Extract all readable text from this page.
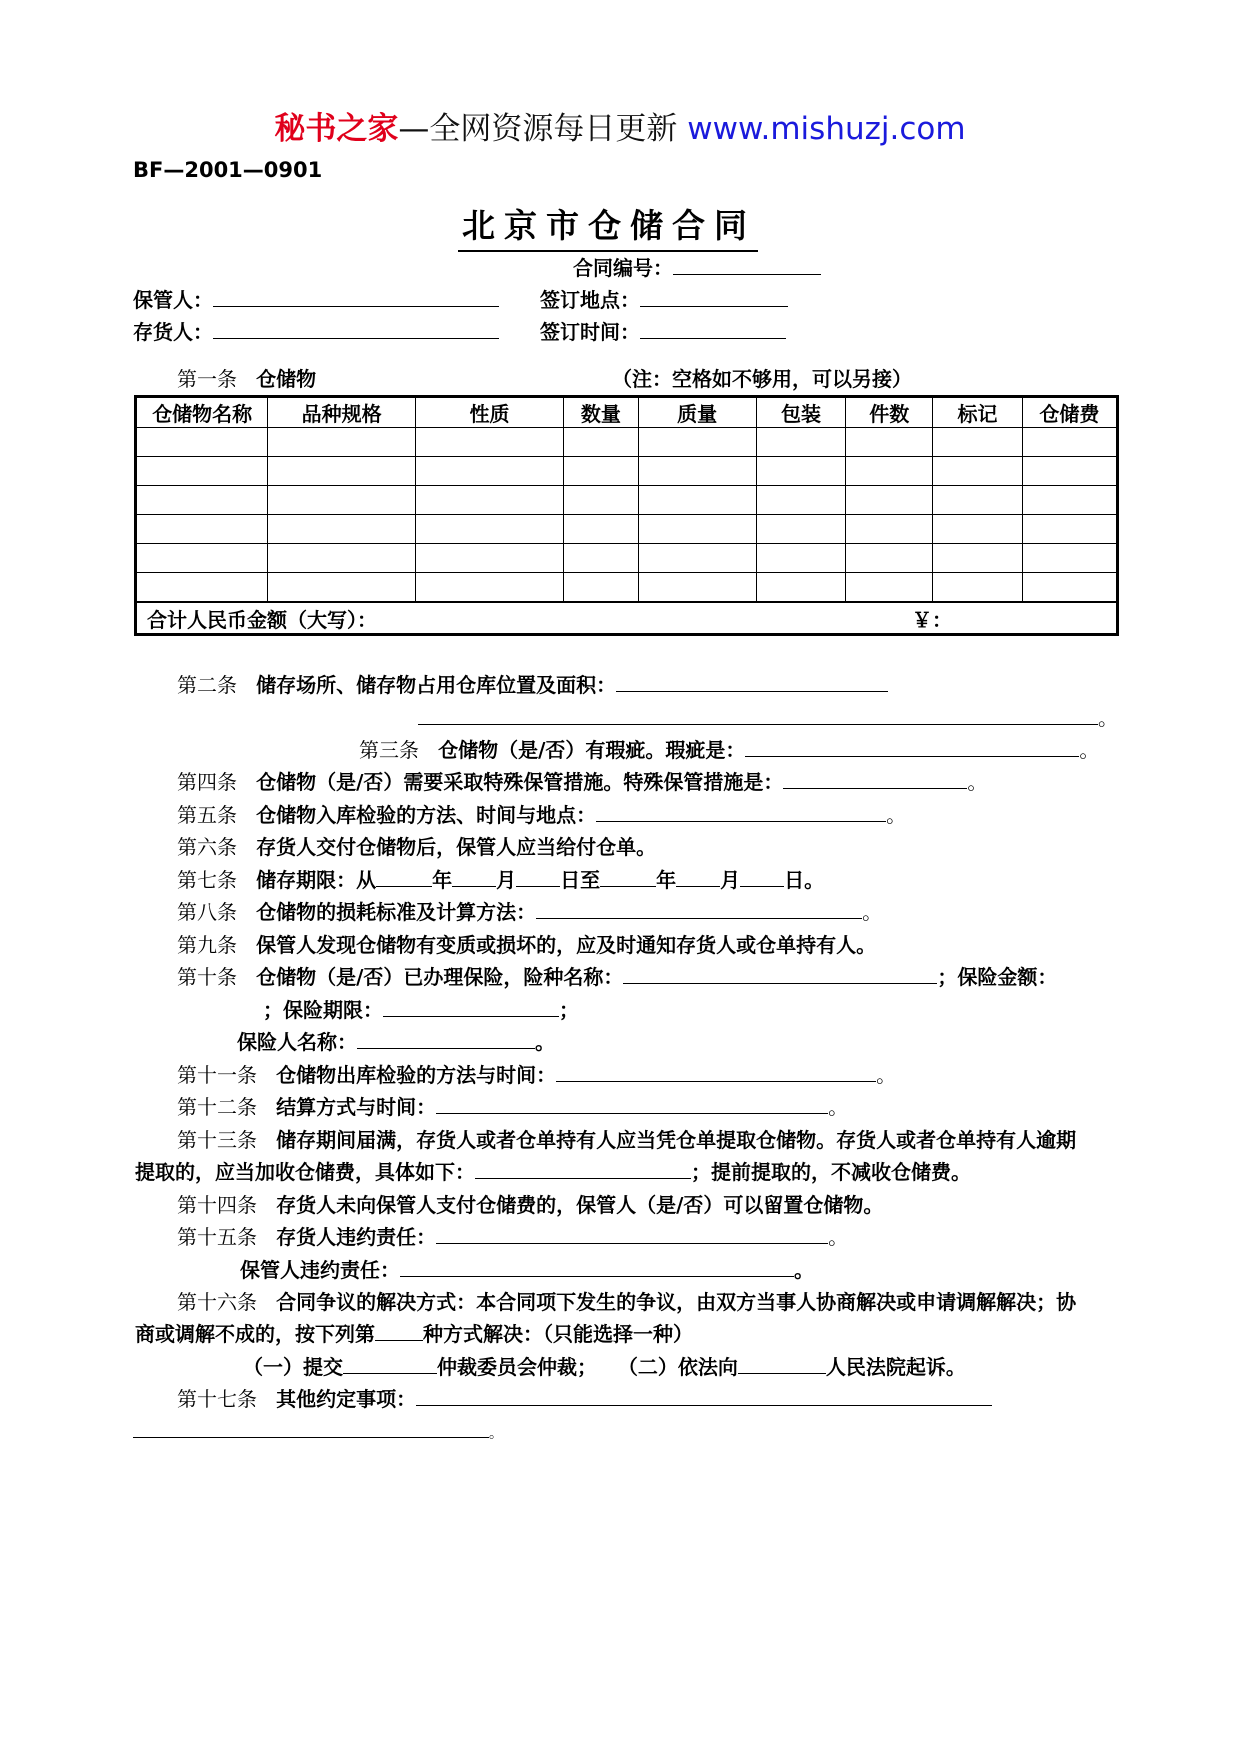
秘书之家—全网资源每日更新 www.mishuzj.com
BF—2001—0901
北京市仓储合同
合同编号：
保管人：	签订地点：
存货人：	签订时间：
第一条 仓储物	（注：空格如不够用，可以另接）
仓储物名称	品种规格	性质	数量	质量	包装	件数	标记	仓储费

合计人民币金额（大写）： ￥：								
第二条 储存场所、储存物占用仓库位置及面积：
。
第三条 仓储物（是/否）有瑕疵。瑕疵是：	。
第四条 仓储物（是/否）需要采取特殊保管措施。特殊保管措施是：	。
第五条 仓储物入库检验的方法、时间与地点：	。
第六条 存货人交付仓储物后，保管人应当给付仓单。
第七条 储存期限：从	年 月 日至	年 月 日。
第八条 仓储物的损耗标准及计算方法：	。
第九条 保管人发现仓储物有变质或损坏的，应及时通知存货人或仓单持有人。
第十条 仓储物（是/否）已办理保险，险种名称：	；保险金额：
；保险期限：	；
保险人名称：	。
第十一条 仓储物出库检验的方法与时间：	。
第十二条 结算方式与时间：	。
第十三条 储存期间届满，存货人或者仓单持有人应当凭仓单提取仓储物。存货人或者仓单持有人逾期
提取的，应当加收仓储费，具体如下：	；提前提取的，不减收仓储费。
第十四条 存货人未向保管人支付仓储费的，保管人（是/否）可以留置仓储物。
第十五条 存货人违约责任：	。
保管人违约责任：	。
第十六条 合同争议的解决方式：本合同项下发生的争议，由双方当事人协商解决或申请调解解决；协
商或调解不成的，按下列第 种方式解决：（只能选择一种）
（一）提交	仲裁委员会仲裁； （二）依法向	人民法院起诉。
第十七条 其他约定事项：
。
